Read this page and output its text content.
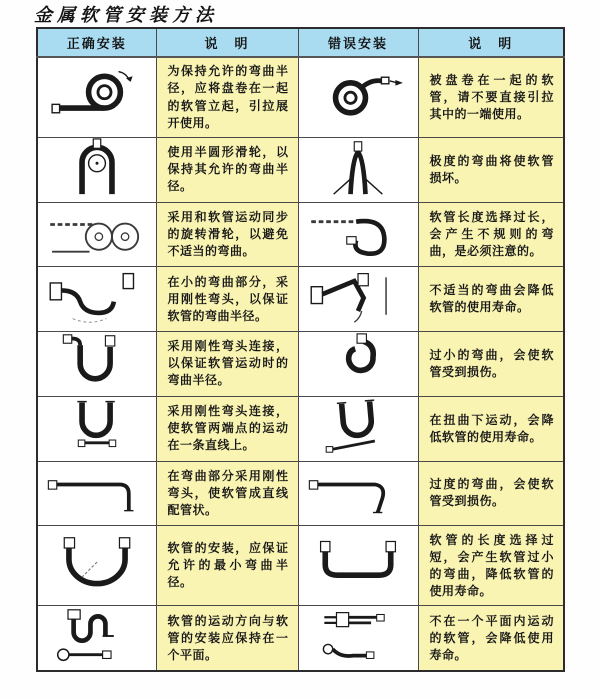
金属软管安装方法
正确安装	说　明	错误安装	说　明

为保持允许的弯曲半径，应将盘卷在一起的软管立起，引拉展开使用。		被盘卷在一起的软管，请不要直接引拉其中的一端使用。

使用半圆形滑轮，以保持其允许的弯曲半径。		极度的弯曲将使软管损坏。

采用和软管运动同步的旋转滑轮，以避免不适当的弯曲。		软管长度选择过长，会产生不规则的弯曲，是必须注意的。

在小的弯曲部分，采用刚性弯头，以保证软管的弯曲半径。		不适当的弯曲会降低软管的使用寿命。

采用刚性弯头连接，以保证软管运动时的弯曲半径。		过小的弯曲，会使软管受到损伤。

采用刚性弯头连接，使软管两端点的运动在一条直线上。		在扭曲下运动，会降低软管的使用寿命。

在弯曲部分采用刚性弯头，使软管成直线配管状。		过度的弯曲，会使软管受到损伤。

软管的安装，应保证允许的最小弯曲半径。		软管的长度选择过短，会产生软管过小的弯曲，降低软管的使用寿命。

软管的运动方向与软管的安装应保持在一个平面。		不在一个平面内运动的软管，会降低使用寿命。
